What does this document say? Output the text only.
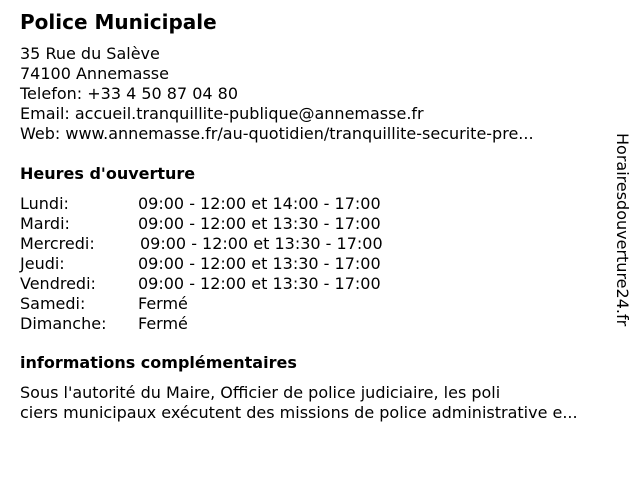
Police Municipale
35 Rue du Salève
74100 Annemasse
Telefon: +33 4 50 87 04 80
Email: accueil.tranquillite-publique@annemasse.fr
Web: www.annemasse.fr/au-quotidien/tranquillite-securite-pre...
Heures d'ouverture
Lundi:	09:00 - 12:00 et 14:00 - 17:00
Mardi:	09:00 - 12:00 et 13:30 - 17:00
Mercredi:	09:00 - 12:00 et 13:30 - 17:00
Jeudi:	09:00 - 12:00 et 13:30 - 17:00
Vendredi:	09:00 - 12:00 et 13:30 - 17:00
Samedi:	Fermé
Dimanche: Fermé
informations complémentaires
Sous l'autorité du Maire, Officier de police judiciaire, les poli
ciers municipaux exécutent des missions de police administrative e...
Horairesdouverture24.fr
